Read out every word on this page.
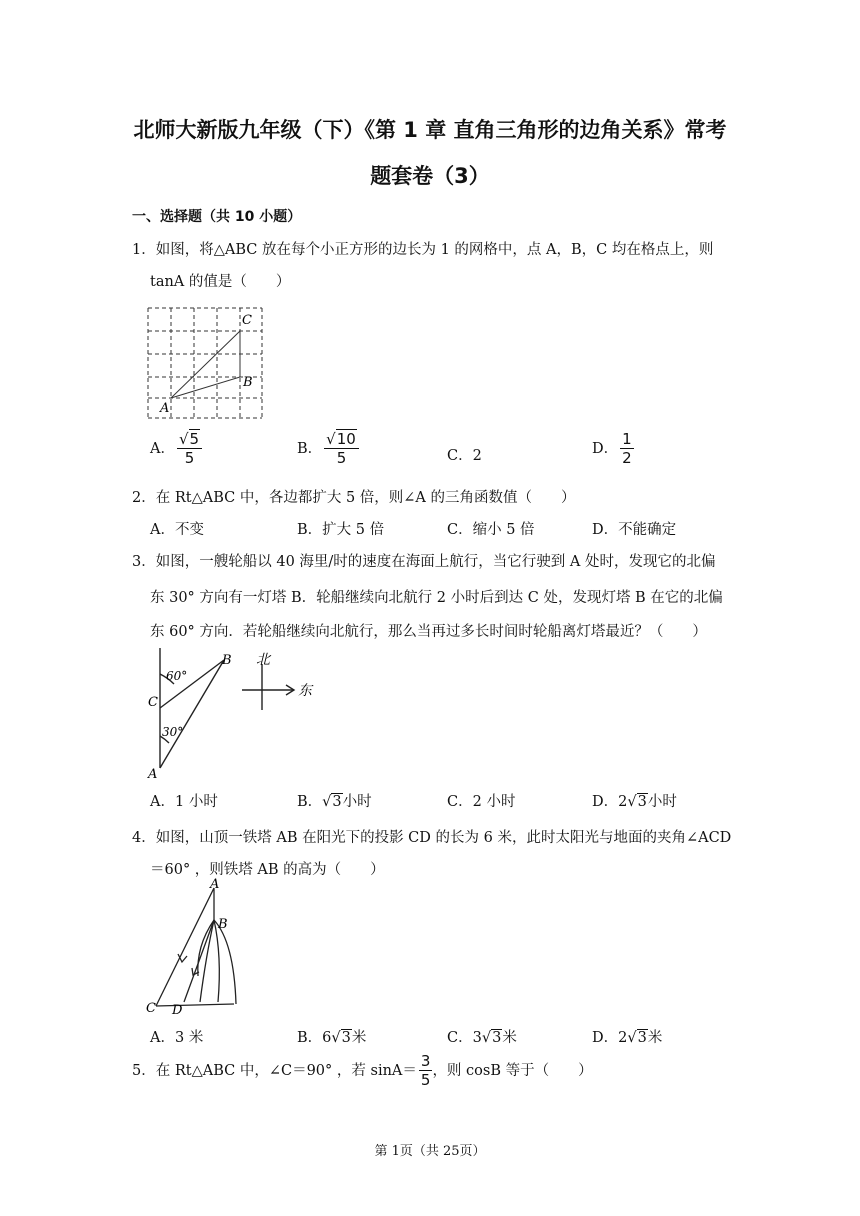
北师大新版九年级（下）《第 1 章 直角三角形的边角关系》常考
题套卷（3）
一、选择题（共 10 小题）
1．如图，将△ABC 放在每个小正方形的边长为 1 的网格中，点 A，B，C 均在格点上，则
tanA 的值是（　　）
A
B
C
A． $\frac{√5}{5}$	B． $\frac{√10}{5}$	C．2	D． $\frac{1}{2}$
2．在 Rt△ABC 中，各边都扩大 5 倍，则∠A 的三角函数值（　　）
A．不变	B．扩大 5 倍	C．缩小 5 倍	D．不能确定
3．如图，一艘轮船以 40 海里/时的速度在海面上航行，当它行驶到 A 处时，发现它的北偏
东 30° 方向有一灯塔 B．轮船继续向北航行 2 小时后到达 C 处，发现灯塔 B 在它的北偏
东 60° 方向．若轮船继续向北航行，那么当再过多长时间时轮船离灯塔最近？（　　）
60°
30°
B
C
A
北
东
A．1 小时	B．√3小时	C．2 小时	D．2√3小时
4．如图，山顶一铁塔 AB 在阳光下的投影 CD 的长为 6 米，此时太阳光与地面的夹角∠ACD
＝60° ，则铁塔 AB 的高为（　　）
A
B
C D
A．3 米	B．6√3米	C．3√3米	D．2√3米
5．在 Rt△ABC 中，∠C＝90° ，若 $\sin A= \frac{3}{5}$ ，则 cosB 等于（　　）
第 1页（共 25页）
